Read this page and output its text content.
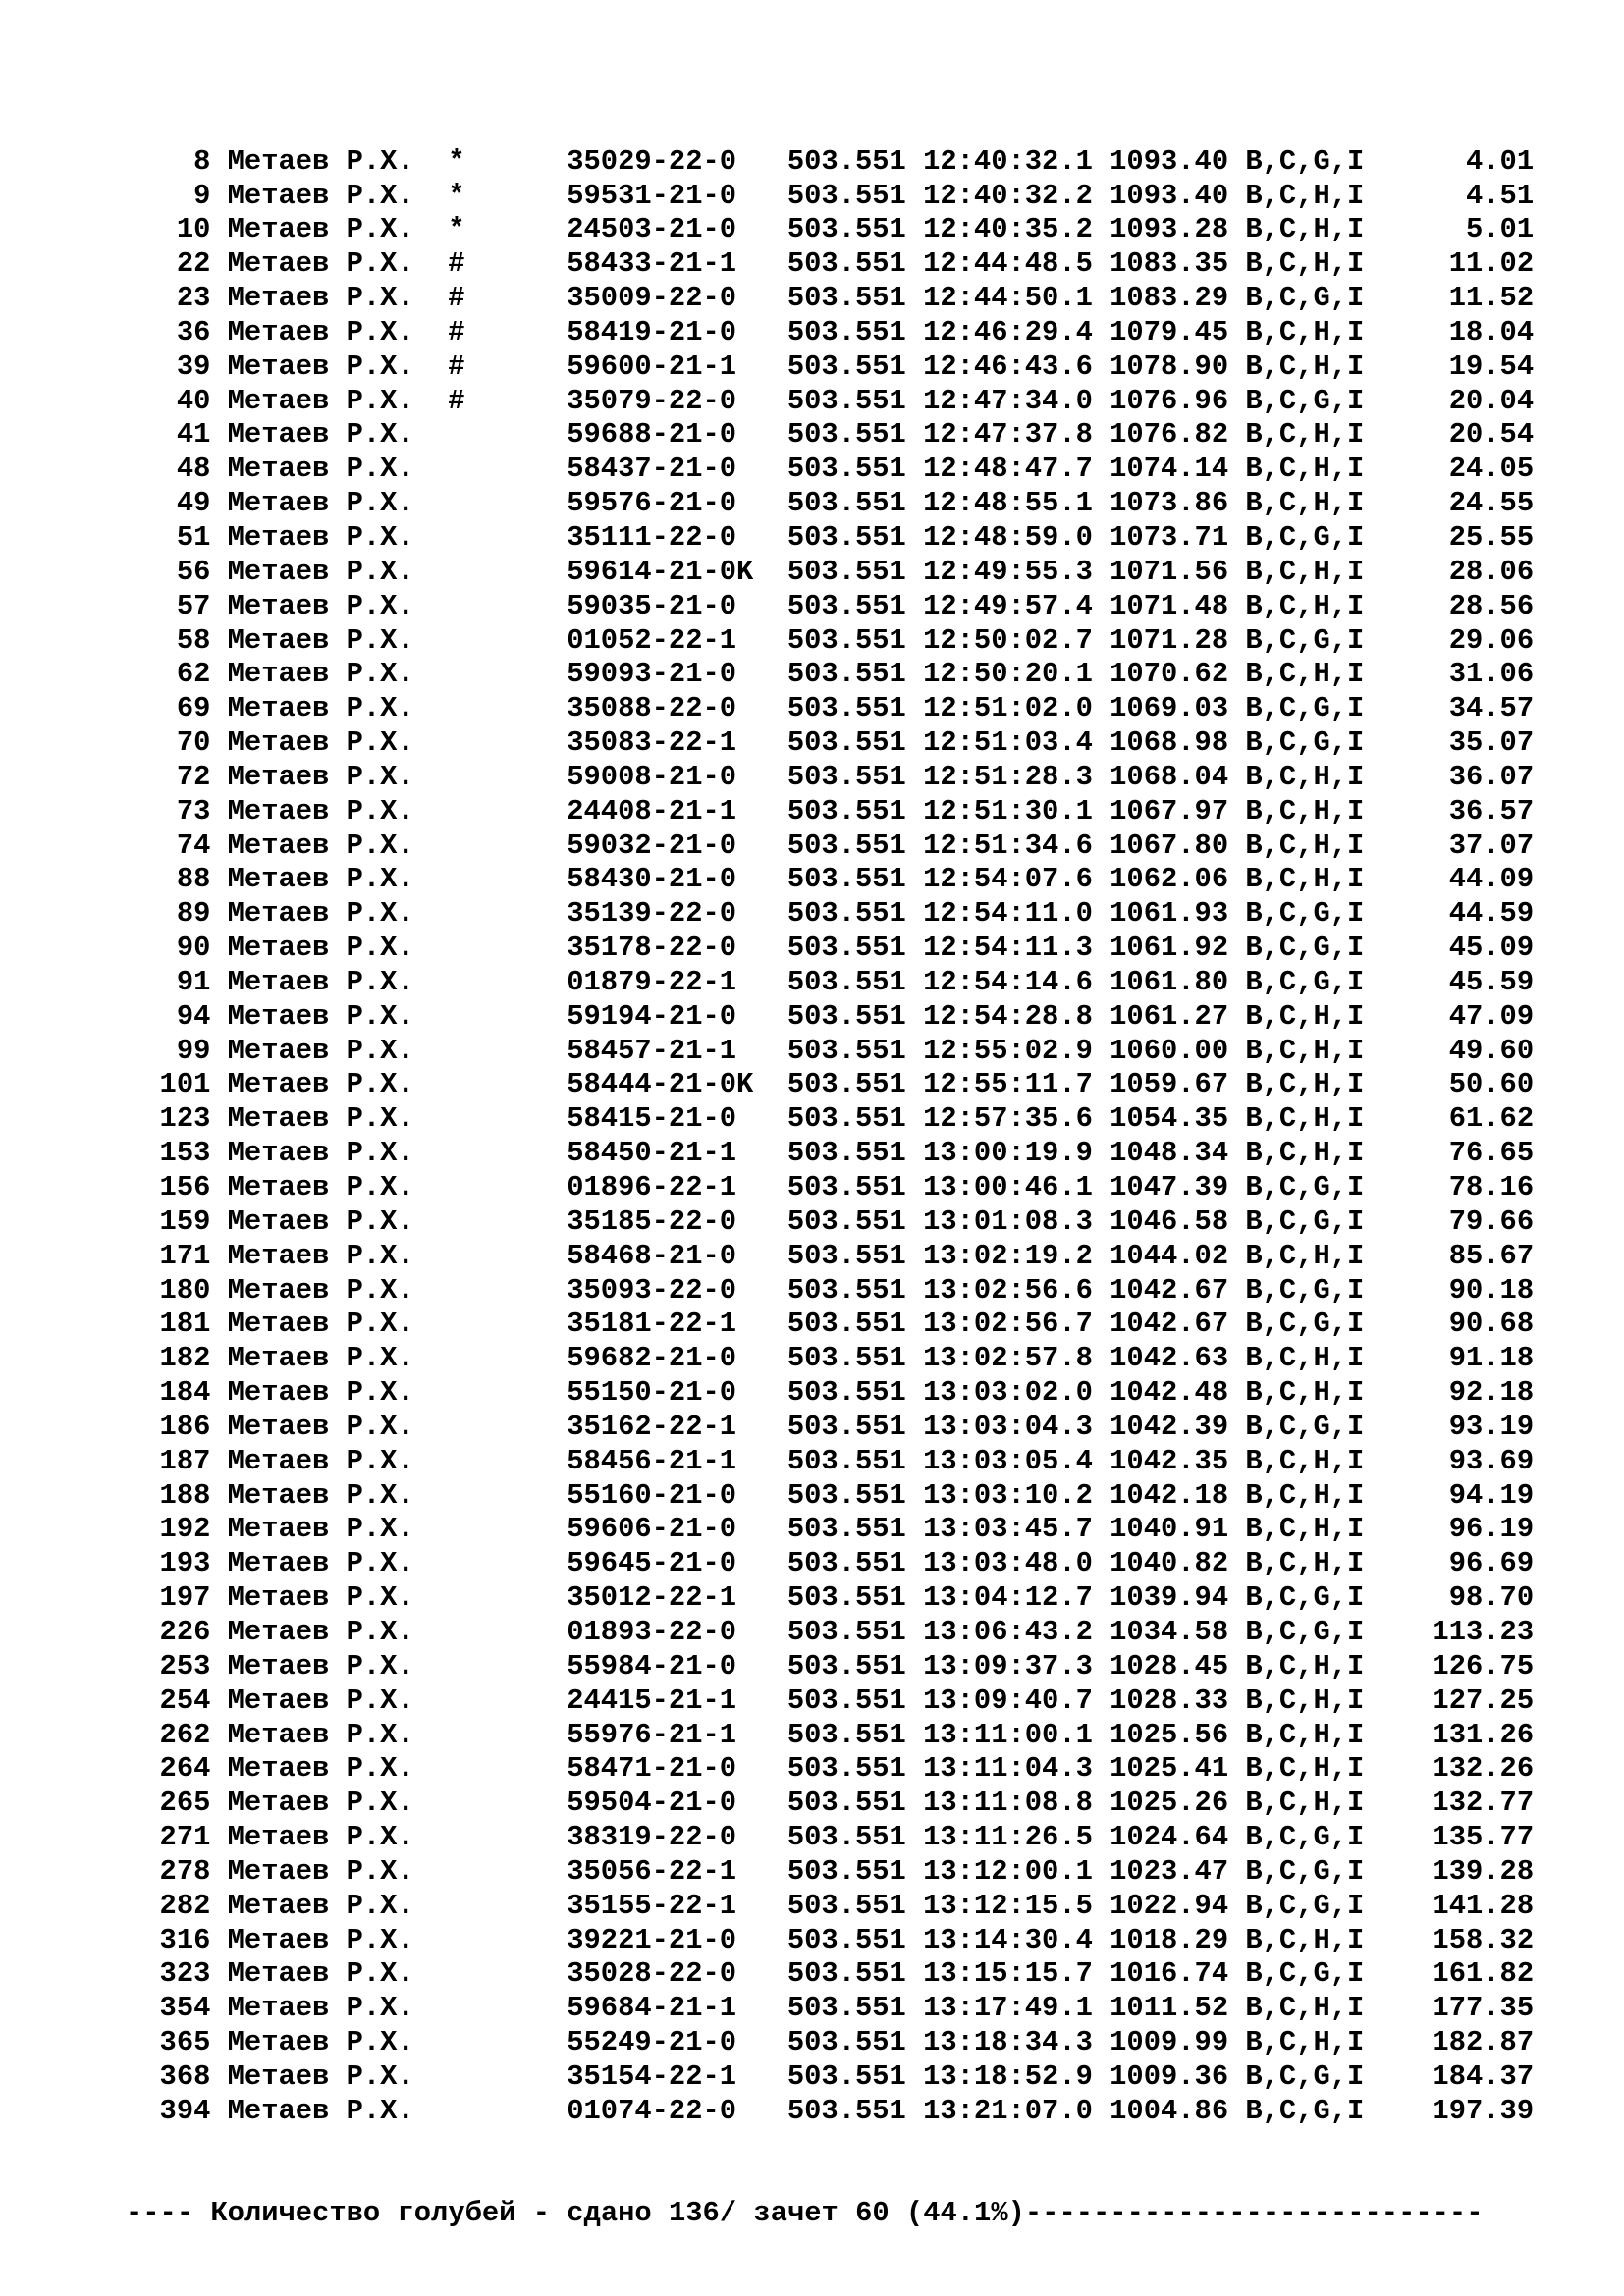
8 Метаев Р.Х. *	35029-22-0 503.551 12:40:32.1 1093.40 B,C,G,I	4.01
9 Метаев Р.Х. *	59531-21-0 503.551 12:40:32.2 1093.40 B,C,H,I	4.51
10 Метаев Р.Х. *	24503-21-0 503.551 12:40:35.2 1093.28 B,C,H,I	5.01
22 Метаев Р.Х. #	58433-21-1 503.551 12:44:48.5 1083.35 B,C,H,I	11.02
23 Метаев Р.Х. #	35009-22-0 503.551 12:44:50.1 1083.29 B,C,G,I	11.52
36 Метаев Р.Х. #	58419-21-0 503.551 12:46:29.4 1079.45 B,C,H,I	18.04
39 Метаев Р.Х. #	59600-21-1 503.551 12:46:43.6 1078.90 B,C,H,I	19.54
40 Метаев Р.Х. #	35079-22-0 503.551 12:47:34.0 1076.96 B,C,G,I	20.04
41 Метаев Р.Х.	59688-21-0 503.551 12:47:37.8 1076.82 B,C,H,I	20.54
48 Метаев Р.Х.	58437-21-0 503.551 12:48:47.7 1074.14 B,C,H,I	24.05
49 Метаев Р.Х.	59576-21-0 503.551 12:48:55.1 1073.86 B,C,H,I	24.55
51 Метаев Р.Х.	35111-22-0 503.551 12:48:59.0 1073.71 B,C,G,I	25.55
56 Метаев Р.Х.	59614-21-0K 503.551 12:49:55.3 1071.56 B,C,H,I	28.06
57 Метаев Р.Х.	59035-21-0 503.551 12:49:57.4 1071.48 B,C,H,I	28.56
58 Метаев Р.Х.	01052-22-1 503.551 12:50:02.7 1071.28 B,C,G,I	29.06
62 Метаев Р.Х.	59093-21-0 503.551 12:50:20.1 1070.62 B,C,H,I	31.06
69 Метаев Р.Х.	35088-22-0 503.551 12:51:02.0 1069.03 B,C,G,I	34.57
70 Метаев Р.Х.	35083-22-1 503.551 12:51:03.4 1068.98 B,C,G,I	35.07
72 Метаев Р.Х.	59008-21-0 503.551 12:51:28.3 1068.04 B,C,H,I	36.07
73 Метаев Р.Х.	24408-21-1 503.551 12:51:30.1 1067.97 B,C,H,I	36.57
74 Метаев Р.Х.	59032-21-0 503.551 12:51:34.6 1067.80 B,C,H,I	37.07
88 Метаев Р.Х.	58430-21-0 503.551 12:54:07.6 1062.06 B,C,H,I	44.09
89 Метаев Р.Х.	35139-22-0 503.551 12:54:11.0 1061.93 B,C,G,I	44.59
90 Метаев Р.Х.	35178-22-0 503.551 12:54:11.3 1061.92 B,C,G,I	45.09
91 Метаев Р.Х.	01879-22-1 503.551 12:54:14.6 1061.80 B,C,G,I	45.59
94 Метаев Р.Х.	59194-21-0 503.551 12:54:28.8 1061.27 B,C,H,I	47.09
99 Метаев Р.Х.	58457-21-1 503.551 12:55:02.9 1060.00 B,C,H,I	49.60
101 Метаев Р.Х.	58444-21-0K 503.551 12:55:11.7 1059.67 B,C,H,I	50.60
123 Метаев Р.Х.	58415-21-0 503.551 12:57:35.6 1054.35 B,C,H,I	61.62
153 Метаев Р.Х.	58450-21-1 503.551 13:00:19.9 1048.34 B,C,H,I	76.65
156 Метаев Р.Х.	01896-22-1 503.551 13:00:46.1 1047.39 B,C,G,I	78.16
159 Метаев Р.Х.	35185-22-0 503.551 13:01:08.3 1046.58 B,C,G,I	79.66
171 Метаев Р.Х.	58468-21-0 503.551 13:02:19.2 1044.02 B,C,H,I	85.67
180 Метаев Р.Х.	35093-22-0 503.551 13:02:56.6 1042.67 B,C,G,I	90.18
181 Метаев Р.Х.	35181-22-1 503.551 13:02:56.7 1042.67 B,C,G,I	90.68
182 Метаев Р.Х.	59682-21-0 503.551 13:02:57.8 1042.63 B,C,H,I	91.18
184 Метаев Р.Х.	55150-21-0 503.551 13:03:02.0 1042.48 B,C,H,I	92.18
186 Метаев Р.Х.	35162-22-1 503.551 13:03:04.3 1042.39 B,C,G,I	93.19
187 Метаев Р.Х.	58456-21-1 503.551 13:03:05.4 1042.35 B,C,H,I	93.69
188 Метаев Р.Х.	55160-21-0 503.551 13:03:10.2 1042.18 B,C,H,I	94.19
192 Метаев Р.Х.	59606-21-0 503.551 13:03:45.7 1040.91 B,C,H,I	96.19
193 Метаев Р.Х.	59645-21-0 503.551 13:03:48.0 1040.82 B,C,H,I	96.69
197 Метаев Р.Х.	35012-22-1 503.551 13:04:12.7 1039.94 B,C,G,I	98.70
226 Метаев Р.Х.	01893-22-0 503.551 13:06:43.2 1034.58 B,C,G,I 113.23
253 Метаев Р.Х.	55984-21-0 503.551 13:09:37.3 1028.45 B,C,H,I 126.75
254 Метаев Р.Х.	24415-21-1 503.551 13:09:40.7 1028.33 B,C,H,I 127.25
262 Метаев Р.Х.	55976-21-1 503.551 13:11:00.1 1025.56 B,C,H,I 131.26
264 Метаев Р.Х.	58471-21-0 503.551 13:11:04.3 1025.41 B,C,H,I 132.26
265 Метаев Р.Х.	59504-21-0 503.551 13:11:08.8 1025.26 B,C,H,I 132.77
271 Метаев Р.Х.	38319-22-0 503.551 13:11:26.5 1024.64 B,C,G,I 135.77
278 Метаев Р.Х.	35056-22-1 503.551 13:12:00.1 1023.47 B,C,G,I 139.28
282 Метаев Р.Х.	35155-22-1 503.551 13:12:15.5 1022.94 B,C,G,I 141.28
316 Метаев Р.Х.	39221-21-0 503.551 13:14:30.4 1018.29 B,C,H,I 158.32
323 Метаев Р.Х.	35028-22-0 503.551 13:15:15.7 1016.74 B,C,G,I 161.82
354 Метаев Р.Х.	59684-21-1 503.551 13:17:49.1 1011.52 B,C,H,I 177.35
365 Метаев Р.Х.	55249-21-0 503.551 13:18:34.3 1009.99 B,C,H,I 182.87
368 Метаев Р.Х.	35154-22-1 503.551 13:18:52.9 1009.36 B,C,G,I 184.37
394 Метаев Р.Х.	01074-22-0 503.551 13:21:07.0 1004.86 B,C,G,I 197.39

---- Количество голубей - сдано 136/ зачет 60 (44.1%)---------------------------
